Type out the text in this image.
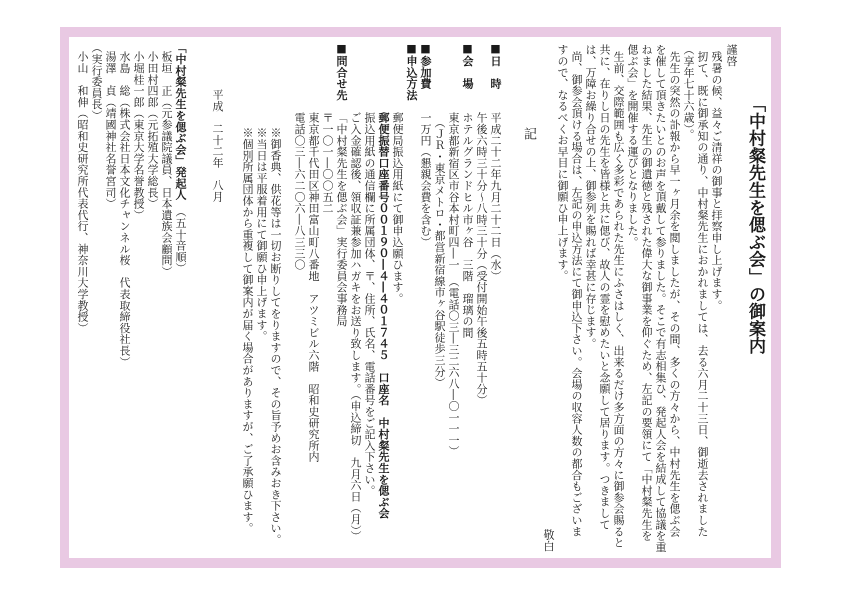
「中村粲先生を偲ぶ会」の御案内
謹啓
残暑の候、益々ご清祥の御事と拝察申し上げます。
扨て、既に御承知の通り、中村粲先生におかれましては、去る六月二十三日、御逝去されました
（享年七十六歳）。
先生の突然の訃報から早一ヶ月余を閲しましたが、その間、多くの方々から、中村先生を偲ぶ会
を催して頂きたいとのお声を頂戴して参りました。そこで有志相集ひ、発起人会を結成して協議を重
ねました結果、先生の御遺徳と残された偉大な御事業を仰ぐため、左記の要領にて「中村粲先生を
偲ぶ会」を開催する運びとなりました。
生前、交際範囲も広く多彩であられた先生にふさはしく、出来るだけ多方面の方々に御参会賜ると
共に、在りし日の先生を皆様と共に偲び、故人の霊を慰めたいと念願して居ります。つきまして
は、万障お繰り合せの上、御参列を賜れば幸甚に存じます。
尚、御参会頂ける場合は、左記の申込方法にて御申込下さい。会場の収容人数の都合もございま
すので、なるべくお早目に御願ひ申上げます。
敬白
記
■日　時
平成二十二年九月二十二日（水）
午後六時三十分～八時三十分（受付開始午後五時五十分）
■会　場
ホテルグランドヒル市ヶ谷　三階　瑠璃の間
東京都新宿区市谷本村町四―一　（電話〇三―三二六八―〇一一一）
（ＪＲ・東京メトロ・都営新宿線市ヶ谷駅徒歩三分）
■参加費
一万円（懇親会費を含む）
■申込方法
郵便局振込用紙にて御申込願ひます。
郵便振替口座番号００１９０―４―４０１７４５　口座名　中村粲先生を偲ぶ会
振込用紙の通信欄に所属団体、〒、住所、氏名、電話番号をご記入下さい。
ご入金確認後、領収証兼参加ハガキをお送り致します。（申込締切　九月六日（月））
■問合せ先
「中村粲先生を偲ぶ会」実行委員会事務局
〒一〇一―〇〇五二
東京都千代田区神田富山町八番地　アツミビル六階　昭和史研究所内
電話〇三―六二〇六―八三三〇
※御香典、供花等は一切お断りしてをりますので、その旨予めお含みおき下さい。
※当日は平服着用にて御願ひ申上げます。
※個別所属団体から重複して御案内が届く場合がありますが、ご了承願ひます。
平成　二十二年　八月
「中村粲先生を偲ぶ会」発起人　（五十音順）
板垣　正（元参議院議員、日本遺族会顧問）
小田村四郎（元拓殖大学総長）
小堀桂一郎（東京大学名誉教授）
水島　総（株式会社日本文化チャンネル桜　代表取締役社長）
湯澤　貞（靖國神社名誉宮司）
（実行委員長）
小山　和伸（昭和史研究所代表代行、神奈川大学教授）
